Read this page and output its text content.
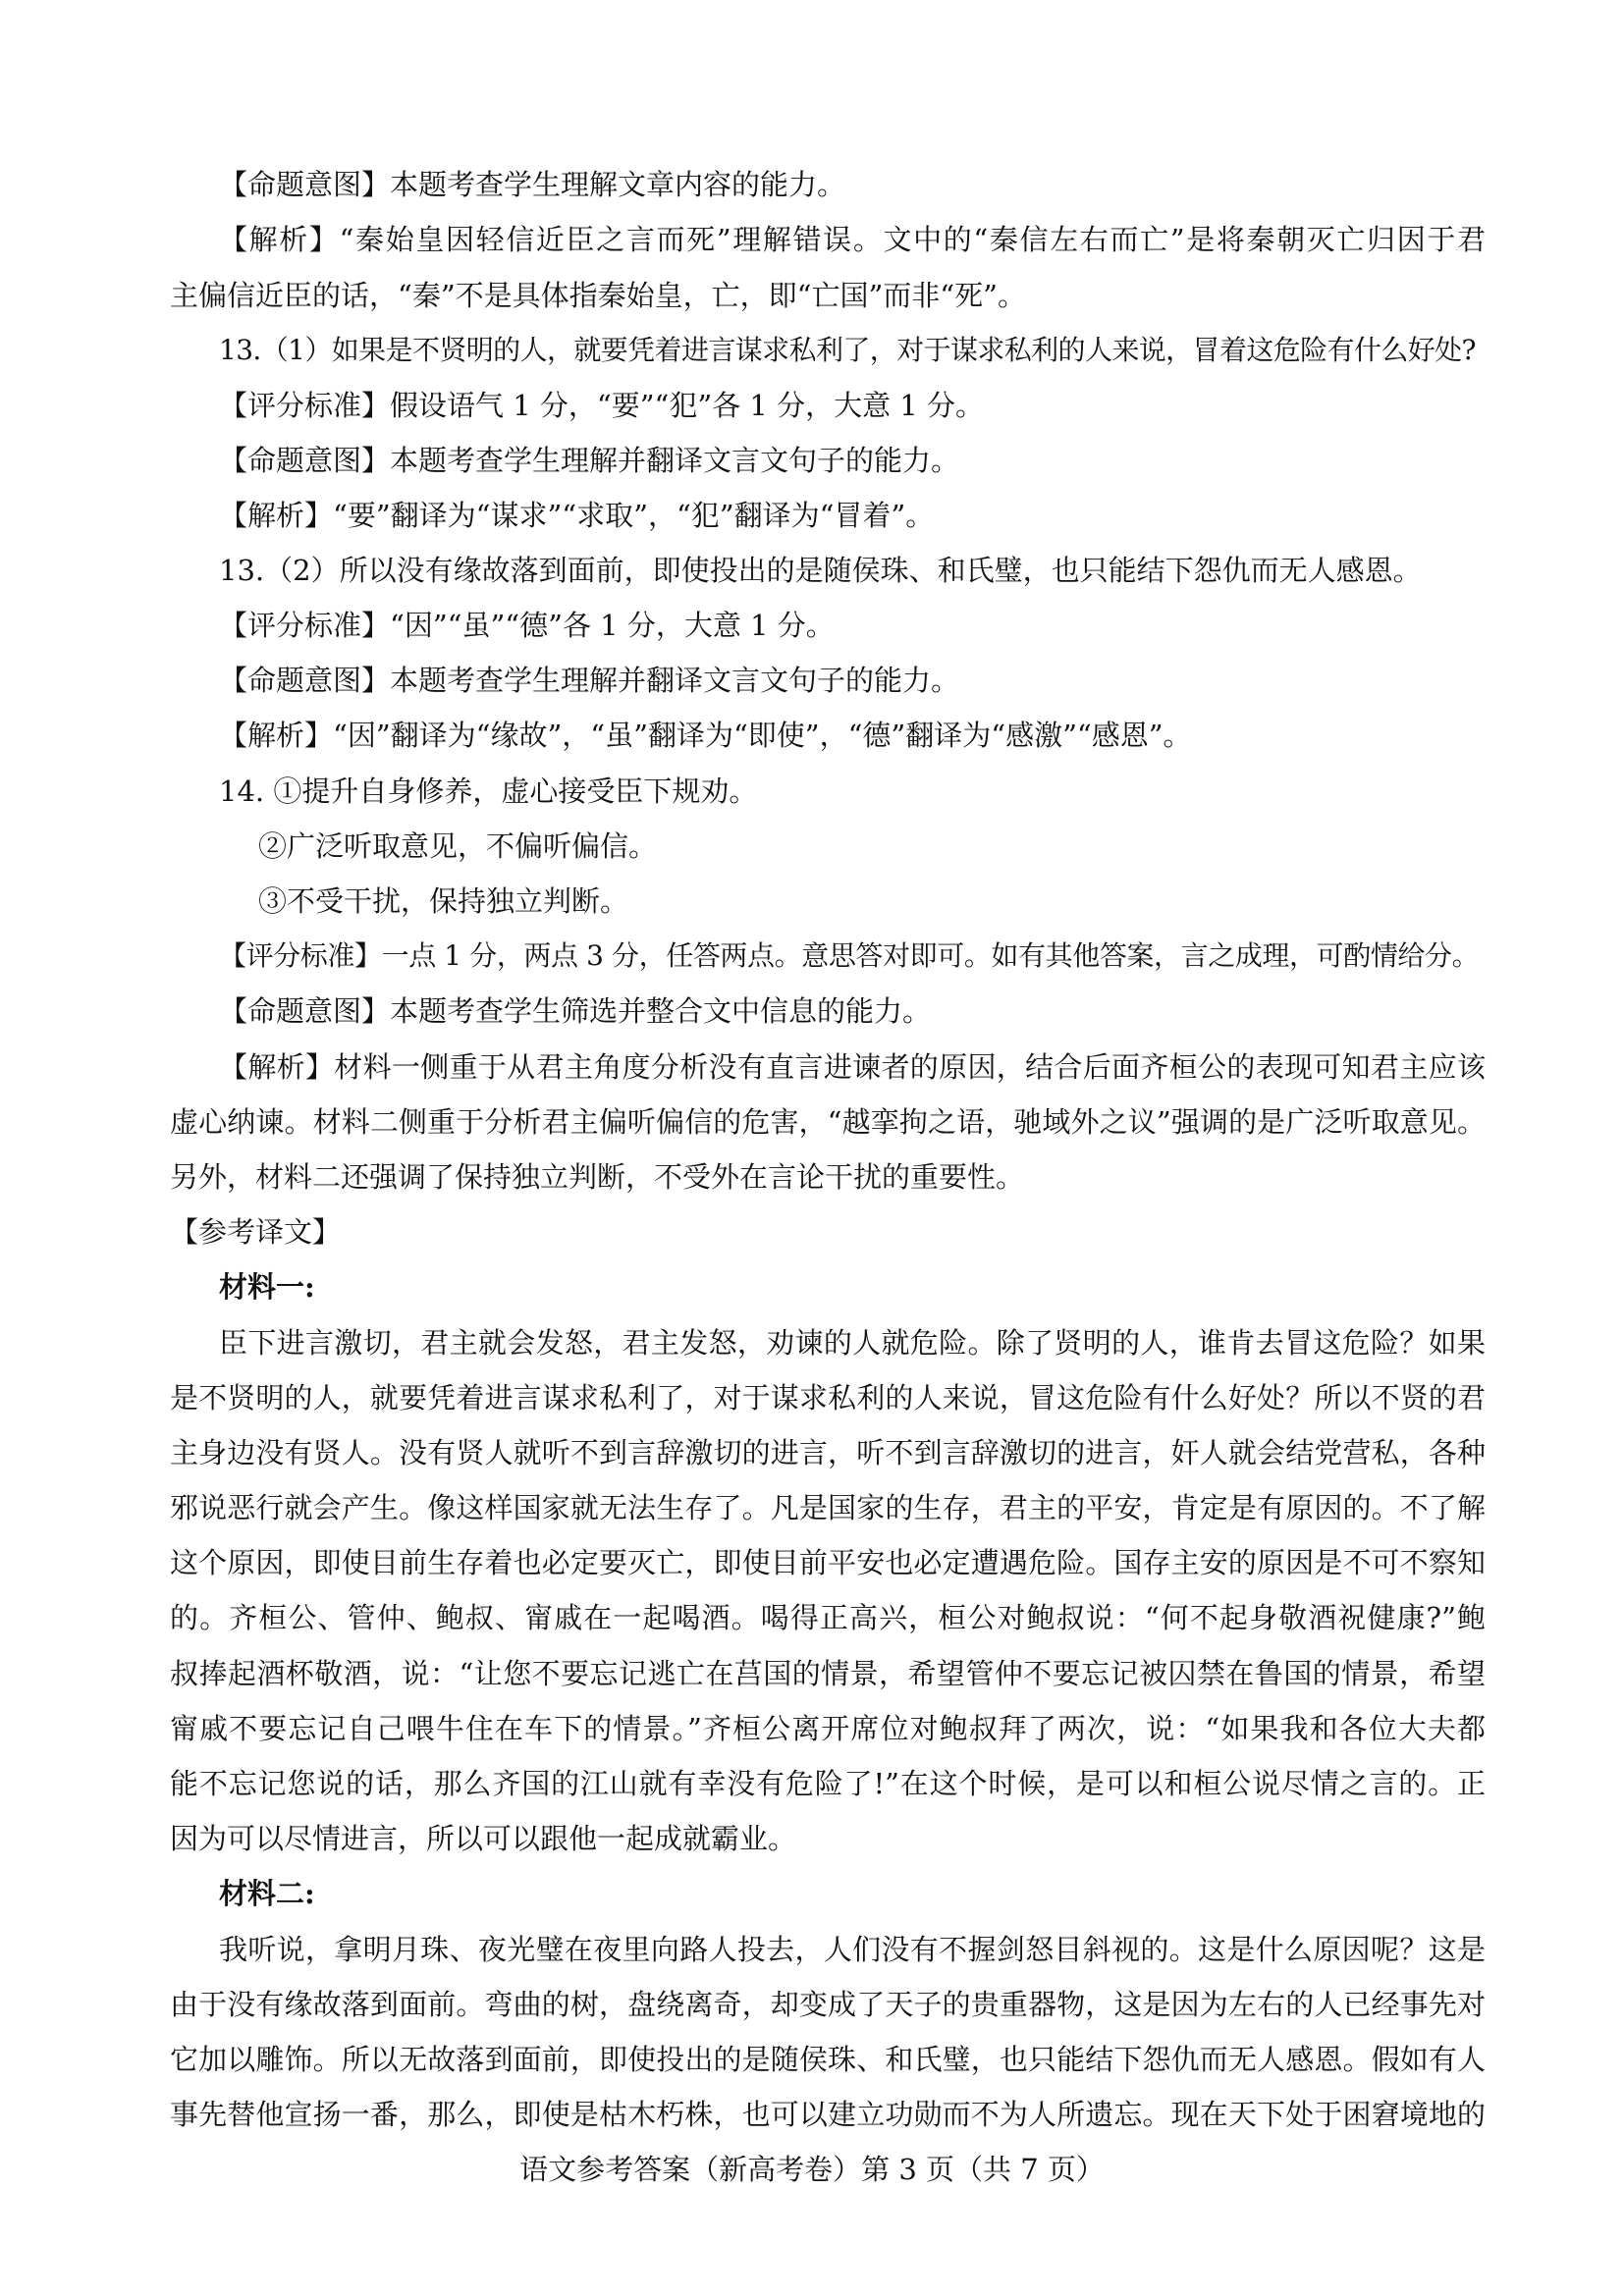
【命题意图】本题考查学生理解文章内容的能力。
【解析】“秦始皇因轻信近臣之言而死”理解错误。文中的“秦信左右而亡”是将秦朝灭亡归因于君
主偏信近臣的话，“秦”不是具体指秦始皇，亡，即“亡国”而非“死”。
13.（1）如果是不贤明的人，就要凭着进言谋求私利了，对于谋求私利的人来说，冒着这危险有什么好处?
【评分标准】假设语气 1 分，“要”“犯”各 1 分，大意 1 分。
【命题意图】本题考查学生理解并翻译文言文句子的能力。
【解析】“要”翻译为“谋求”“求取”，“犯”翻译为“冒着”。
13.（2）所以没有缘故落到面前，即使投出的是随侯珠、和氏璧，也只能结下怨仇而无人感恩。
【评分标准】“因”“虽”“德”各 1 分，大意 1 分。
【命题意图】本题考查学生理解并翻译文言文句子的能力。
【解析】“因”翻译为“缘故”，“虽”翻译为“即使”，“德”翻译为“感激”“感恩”。
14. ①提升自身修养，虚心接受臣下规劝。
②广泛听取意见，不偏听偏信。
③不受干扰，保持独立判断。
【评分标准】一点 1 分，两点 3 分，任答两点。意思答对即可。如有其他答案，言之成理，可酌情给分。
【命题意图】本题考查学生筛选并整合文中信息的能力。
【解析】材料一侧重于从君主角度分析没有直言进谏者的原因，结合后面齐桓公的表现可知君主应该
虚心纳谏。材料二侧重于分析君主偏听偏信的危害，“越挛拘之语，驰域外之议”强调的是广泛听取意见。
另外，材料二还强调了保持独立判断，不受外在言论干扰的重要性。
【参考译文】
材料一:
臣下进言激切，君主就会发怒，君主发怒，劝谏的人就危险。除了贤明的人，谁肯去冒这危险？如果
是不贤明的人，就要凭着进言谋求私利了，对于谋求私利的人来说，冒这危险有什么好处？所以不贤的君
主身边没有贤人。没有贤人就听不到言辞激切的进言，听不到言辞激切的进言，奸人就会结党营私，各种
邪说恶行就会产生。像这样国家就无法生存了。凡是国家的生存，君主的平安，肯定是有原因的。不了解
这个原因，即使目前生存着也必定要灭亡，即使目前平安也必定遭遇危险。国存主安的原因是不可不察知
的。齐桓公、管仲、鲍叔、甯戚在一起喝酒。喝得正高兴，桓公对鲍叔说：“何不起身敬酒祝健康?”鲍
叔捧起酒杯敬酒，说：“让您不要忘记逃亡在莒国的情景，希望管仲不要忘记被囚禁在鲁国的情景，希望
甯戚不要忘记自己喂牛住在车下的情景。”齐桓公离开席位对鲍叔拜了两次，说：“如果我和各位大夫都
能不忘记您说的话，那么齐国的江山就有幸没有危险了!”在这个时候，是可以和桓公说尽情之言的。正
因为可以尽情进言，所以可以跟他一起成就霸业。
材料二:
我听说，拿明月珠、夜光璧在夜里向路人投去，人们没有不握剑怒目斜视的。这是什么原因呢？这是
由于没有缘故落到面前。弯曲的树，盘绕离奇，却变成了天子的贵重器物，这是因为左右的人已经事先对
它加以雕饰。所以无故落到面前，即使投出的是随侯珠、和氏璧，也只能结下怨仇而无人感恩。假如有人
事先替他宣扬一番，那么，即使是枯木朽株，也可以建立功勋而不为人所遗忘。现在天下处于困窘境地的
语文参考答案（新高考卷）第 3 页（共 7 页）
